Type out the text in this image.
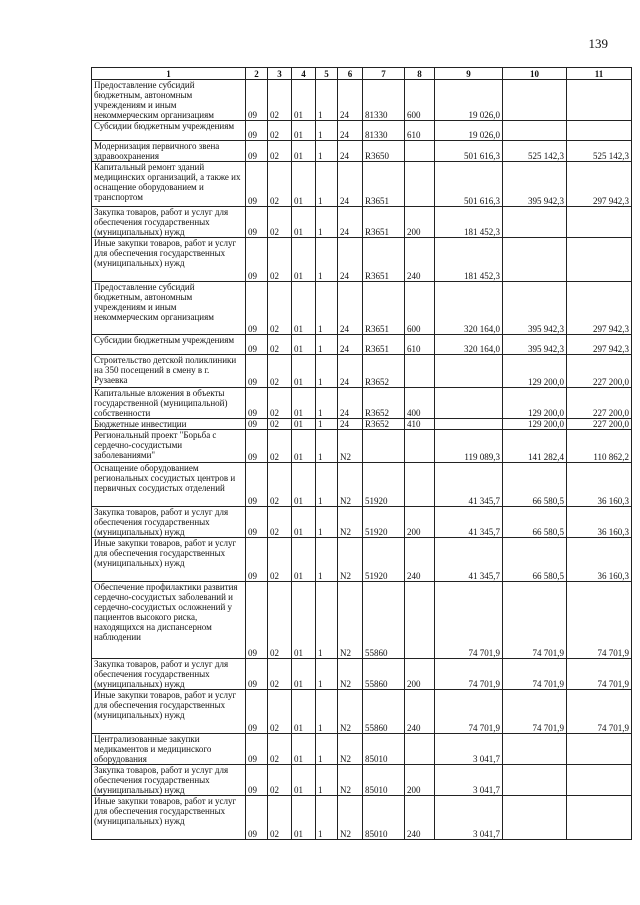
139
1	2	3	4	5	6	7	8	9	10	11
Предоставление субсидий бюджетным, автономным учреждениям и иным некоммерческим организациям	09	02	01	1	24	81330	600	19 026,0		
Субсидии бюджетным учреждениям	09	02	01	1	24	81330	610	19 026,0		
Модернизация первичного звена здравоохранения	09	02	01	1	24	R3650		501 616,3	525 142,3	525 142,3
Капитальный ремонт зданий медицинских организаций, а также их оснащение оборудованием и транспортом	09	02	01	1	24	R3651		501 616,3	395 942,3	297 942,3
Закупка товаров, работ и услуг для обеспечения государственных (муниципальных) нужд	09	02	01	1	24	R3651	200	181 452,3		
Иные закупки товаров, работ и услуг для обеспечения государственных (муниципальных) нужд	09	02	01	1	24	R3651	240	181 452,3		
Предоставление субсидий бюджетным, автономным учреждениям и иным некоммерческим организациям	09	02	01	1	24	R3651	600	320 164,0	395 942,3	297 942,3
Субсидии бюджетным учреждениям	09	02	01	1	24	R3651	610	320 164,0	395 942,3	297 942,3
Строительство детской поликлиники на 350 посещений в смену в г. Рузаевка	09	02	01	1	24	R3652			129 200,0	227 200,0
Капитальные вложения в объекты государственной (муниципальной) собственности	09	02	01	1	24	R3652	400		129 200,0	227 200,0
Бюджетные инвестиции	09	02	01	1	24	R3652	410		129 200,0	227 200,0
Региональный проект "Борьба с сердечно-сосудистыми заболеваниями"	09	02	01	1	N2			119 089,3	141 282,4	110 862,2
Оснащение оборудованием региональных сосудистых центров и первичных сосудистых отделений	09	02	01	1	N2	51920		41 345,7	66 580,5	36 160,3
Закупка товаров, работ и услуг для обеспечения государственных (муниципальных) нужд	09	02	01	1	N2	51920	200	41 345,7	66 580,5	36 160,3
Иные закупки товаров, работ и услуг для обеспечения государственных (муниципальных) нужд	09	02	01	1	N2	51920	240	41 345,7	66 580,5	36 160,3
Обеспечение профилактики развития сердечно-сосудистых заболеваний и сердечно-сосудистых осложнений у пациентов высокого риска, находящихся на диспансерном наблюдении	09	02	01	1	N2	55860		74 701,9	74 701,9	74 701,9
Закупка товаров, работ и услуг для обеспечения государственных (муниципальных) нужд	09	02	01	1	N2	55860	200	74 701,9	74 701,9	74 701,9
Иные закупки товаров, работ и услуг для обеспечения государственных (муниципальных) нужд	09	02	01	1	N2	55860	240	74 701,9	74 701,9	74 701,9
Централизованные закупки медикаментов и медицинского оборудования	09	02	01	1	N2	85010		3 041,7		
Закупка товаров, работ и услуг для обеспечения государственных (муниципальных) нужд	09	02	01	1	N2	85010	200	3 041,7		
Иные закупки товаров, работ и услуг для обеспечения государственных (муниципальных) нужд	09	02	01	1	N2	85010	240	3 041,7		
